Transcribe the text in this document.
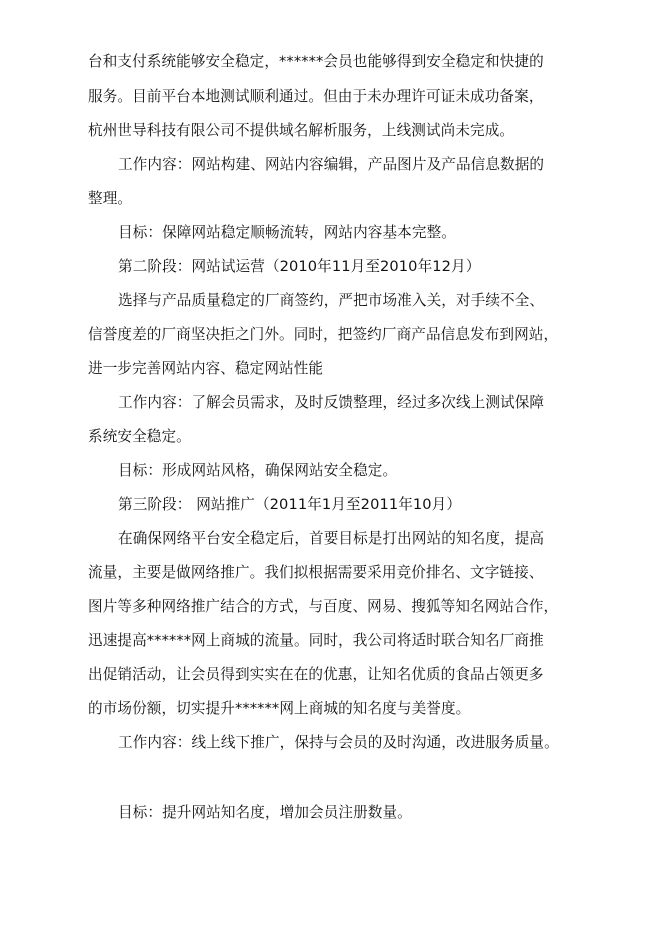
台和支付系统能够安全稳定，******会员也能够得到安全稳定和快捷的
服务。目前平台本地测试顺利通过。但由于未办理许可证未成功备案，
杭州世导科技有限公司不提供域名解析服务，上线测试尚未完成。
工作内容：网站构建、网站内容编辑，产品图片及产品信息数据的
整理。
目标：保障网站稳定顺畅流转，网站内容基本完整。
第二阶段：网站试运营（2010年11月至2010年12月）
选择与产品质量稳定的厂商签约，严把市场准入关，对手续不全、
信誉度差的厂商坚决拒之门外。同时，把签约厂商产品信息发布到网站，
进一步完善网站内容、稳定网站性能
工作内容：了解会员需求，及时反馈整理，经过多次线上测试保障
系统安全稳定。
目标：形成网站风格，确保网站安全稳定。
第三阶段： 网站推广（2011年1月至2011年10月）
在确保网络平台安全稳定后，首要目标是打出网站的知名度，提高
流量，主要是做网络推广。我们拟根据需要采用竞价排名、文字链接、
图片等多种网络推广结合的方式，与百度、网易、搜狐等知名网站合作，
迅速提高******网上商城的流量。同时，我公司将适时联合知名厂商推
出促销活动，让会员得到实实在在的优惠，让知名优质的食品占领更多
的市场份额，切实提升******网上商城的知名度与美誉度。
工作内容：线上线下推广，保持与会员的及时沟通，改进服务质量。
目标：提升网站知名度，增加会员注册数量。
